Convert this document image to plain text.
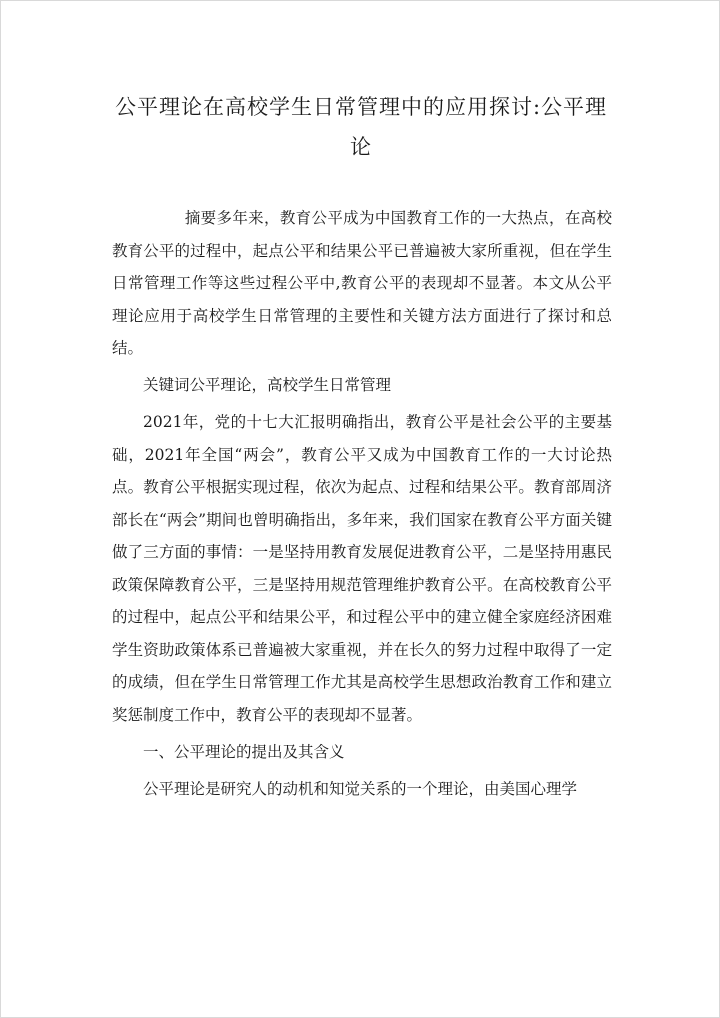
公平理论在高校学生日常管理中的应用探讨:公平理论

摘要多年来，教育公平成为中国教育工作的一大热点，在高校教育公平的过程中，起点公平和结果公平已普遍被大家所重视，但在学生日常管理工作等这些过程公平中,教育公平的表现却不显著。本文从公平理论应用于高校学生日常管理的主要性和关键方法方面进行了探讨和总结。

关键词公平理论，高校学生日常管理

2021年，党的十七大汇报明确指出，教育公平是社会公平的主要基础，2021年全国“两会”，教育公平又成为中国教育工作的一大讨论热点。教育公平根据实现过程，依次为起点、过程和结果公平。教育部周济部长在“两会”期间也曾明确指出，多年来，我们国家在教育公平方面关键做了三方面的事情：一是坚持用教育发展促进教育公平，二是坚持用惠民政策保障教育公平，三是坚持用规范管理维护教育公平。在高校教育公平的过程中，起点公平和结果公平，和过程公平中的建立健全家庭经济困难学生资助政策体系已普遍被大家重视，并在长久的努力过程中取得了一定的成绩，但在学生日常管理工作尤其是高校学生思想政治教育工作和建立奖惩制度工作中，教育公平的表现却不显著。

一、公平理论的提出及其含义

公平理论是研究人的动机和知觉关系的一个理论，由美国心理学
